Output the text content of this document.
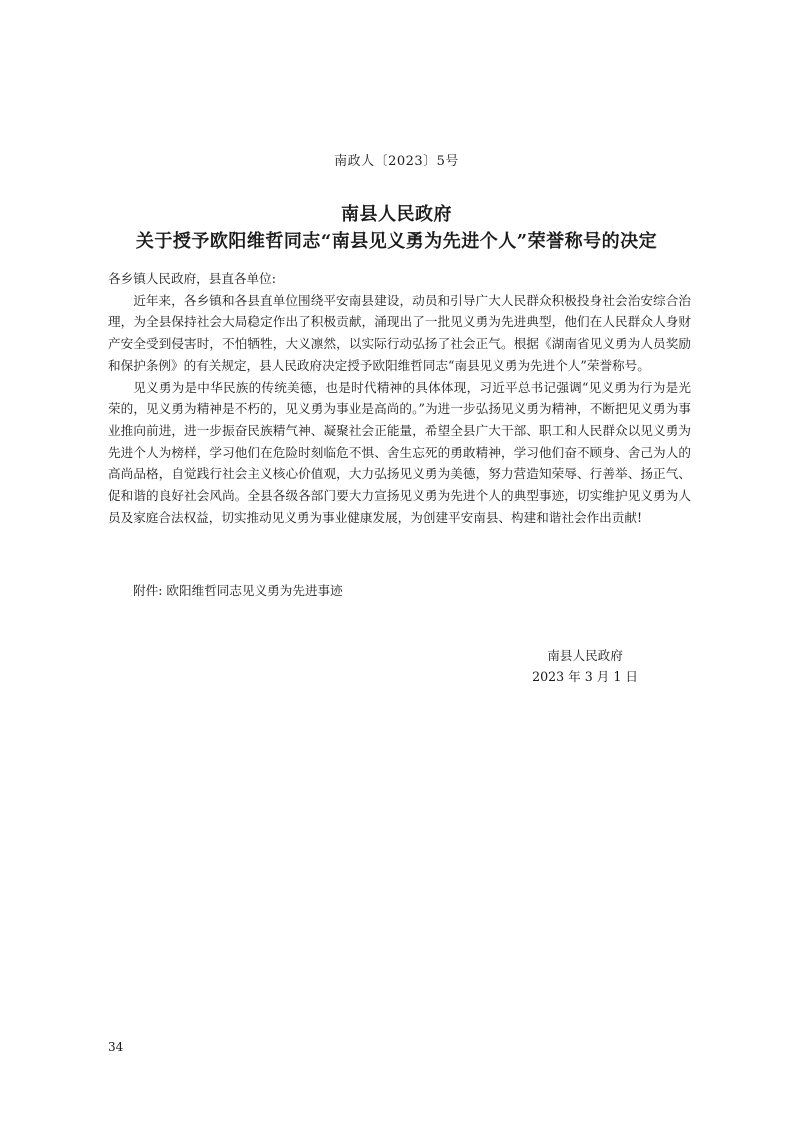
南政人〔2023〕5号
南县人民政府
关于授予欧阳维哲同志“南县见义勇为先进个人”荣誉称号的决定

各乡镇人民政府，县直各单位:

近年来，各乡镇和各县直单位围绕平安南县建设，动员和引导广大人民群众积极投身社会治安综合治理，为全县保持社会大局稳定作出了积极贡献，涌现出了一批见义勇为先进典型，他们在人民群众人身财产安全受到侵害时，不怕牺牲，大义凛然，以实际行动弘扬了社会正气。根据《湖南省见义勇为人员奖励和保护条例》的有关规定，县人民政府决定授予欧阳维哲同志“南县见义勇为先进个人”荣誉称号。

见义勇为是中华民族的传统美德，也是时代精神的具体体现，习近平总书记强调“见义勇为行为是光荣的，见义勇为精神是不朽的，见义勇为事业是高尚的。”为进一步弘扬见义勇为精神，不断把见义勇为事业推向前进，进一步振奋民族精气神、凝聚社会正能量，希望全县广大干部、职工和人民群众以见义勇为先进个人为榜样，学习他们在危险时刻临危不惧、舍生忘死的勇敢精神，学习他们奋不顾身、舍己为人的高尚品格，自觉践行社会主义核心价值观，大力弘扬见义勇为美德，努力营造知荣辱、行善举、扬正气、促和谐的良好社会风尚。全县各级各部门要大力宣扬见义勇为先进个人的典型事迹，切实维护见义勇为人员及家庭合法权益，切实推动见义勇为事业健康发展，为创建平安南县、构建和谐社会作出贡献!

附件: 欧阳维哲同志见义勇为先进事迹
南县人民政府
2023 年 3 月 1 日
34
